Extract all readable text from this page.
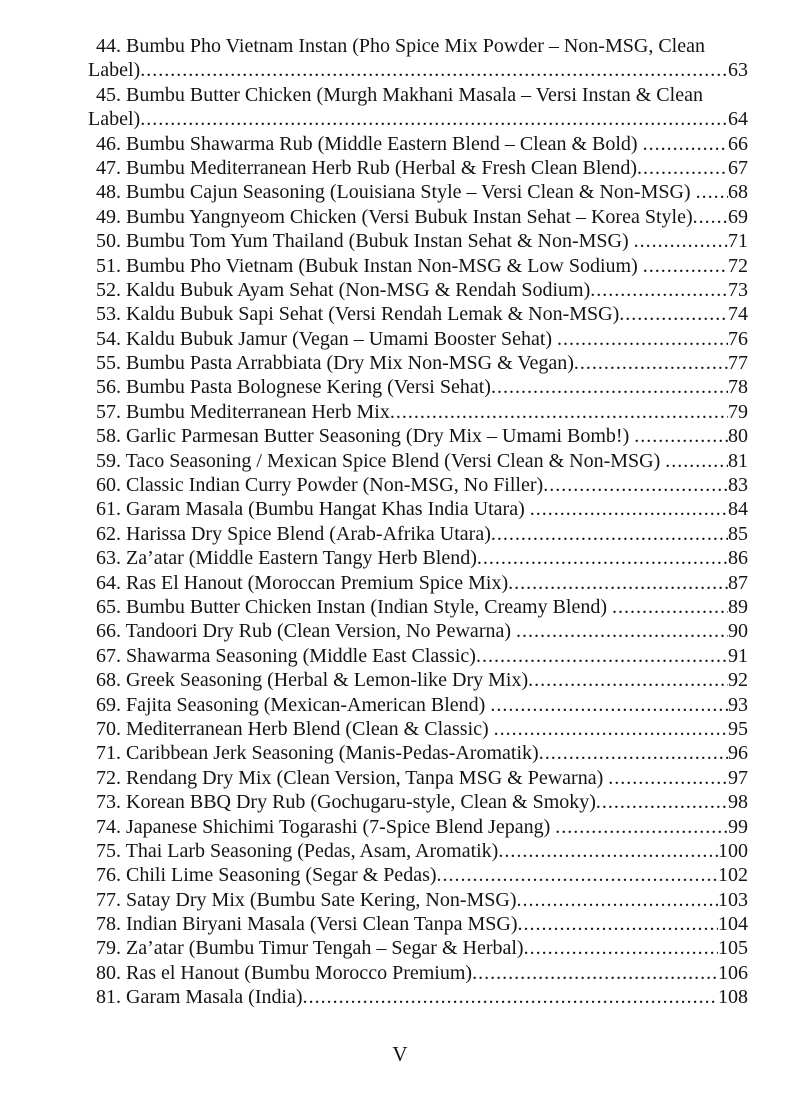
44. Bumbu Pho Vietnam Instan (Pho Spice Mix Powder – Non-MSG, Clean
Label) .....	63
45. Bumbu Butter Chicken (Murgh Makhani Masala – Versi Instan & Clean
Label) .....	64
46. Bumbu Shawarma Rub (Middle Eastern Blend – Clean & Bold) .....	66
47. Bumbu Mediterranean Herb Rub (Herbal & Fresh Clean Blend) .....	67
48. Bumbu Cajun Seasoning (Louisiana Style – Versi Clean & Non-MSG) ..... 68
49. Bumbu Yangnyeom Chicken (Versi Bubuk Instan Sehat – Korea Style) ..... 69
50. Bumbu Tom Yum Thailand (Bubuk Instan Sehat & Non-MSG) .....	71
51. Bumbu Pho Vietnam (Bubuk Instan Non-MSG & Low Sodium) .....	72
52. Kaldu Bubuk Ayam Sehat (Non-MSG & Rendah Sodium) .....	73
53. Kaldu Bubuk Sapi Sehat (Versi Rendah Lemak & Non-MSG) .....	74
54. Kaldu Bubuk Jamur (Vegan – Umami Booster Sehat) .....	76
55. Bumbu Pasta Arrabbiata (Dry Mix Non-MSG & Vegan) .....	77
56. Bumbu Pasta Bolognese Kering (Versi Sehat) .....	78
57. Bumbu Mediterranean Herb Mix .....	79
58. Garlic Parmesan Butter Seasoning (Dry Mix – Umami Bomb!) .....	80
59. Taco Seasoning / Mexican Spice Blend (Versi Clean & Non-MSG) .....	81
60. Classic Indian Curry Powder (Non-MSG, No Filler) .....	83
61. Garam Masala (Bumbu Hangat Khas India Utara) .....	84
62. Harissa Dry Spice Blend (Arab-Afrika Utara) .....	85
63. Za’atar (Middle Eastern Tangy Herb Blend) .....	86
64. Ras El Hanout (Moroccan Premium Spice Mix) .....	87
65. Bumbu Butter Chicken Instan (Indian Style, Creamy Blend) .....	89
66. Tandoori Dry Rub (Clean Version, No Pewarna) .....	90
67. Shawarma Seasoning (Middle East Classic) .....	91
68. Greek Seasoning (Herbal & Lemon-like Dry Mix) .....	92
69. Fajita Seasoning (Mexican-American Blend) .....	93
70. Mediterranean Herb Blend (Clean & Classic) .....	95
71. Caribbean Jerk Seasoning (Manis-Pedas-Aromatik) .....	96
72. Rendang Dry Mix (Clean Version, Tanpa MSG & Pewarna) .....	97
73. Korean BBQ Dry Rub (Gochugaru-style, Clean & Smoky) .....	98
74. Japanese Shichimi Togarashi (7-Spice Blend Jepang) .....	99
75. Thai Larb Seasoning (Pedas, Asam, Aromatik) .....	100
76. Chili Lime Seasoning (Segar & Pedas) .....	102
77. Satay Dry Mix (Bumbu Sate Kering, Non-MSG) .....	103
78. Indian Biryani Masala (Versi Clean Tanpa MSG) .....	104
79. Za’atar (Bumbu Timur Tengah – Segar & Herbal) .....	105
80. Ras el Hanout (Bumbu Morocco Premium) .....	106
81. Garam Masala (India) .....	108
V
